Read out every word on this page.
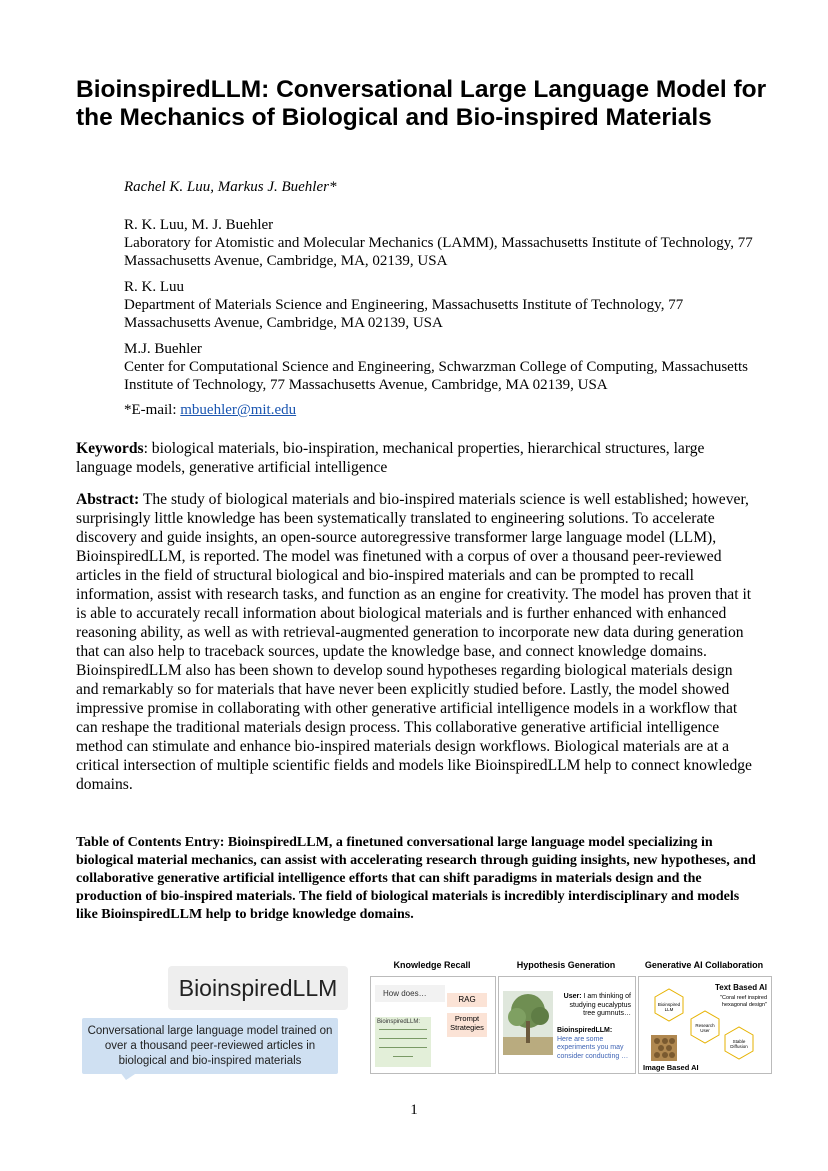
BioinspiredLLM: Conversational Large Language Model for the Mechanics of Biological and Bio-inspired Materials
Rachel K. Luu, Markus J. Buehler*
R. K. Luu, M. J. Buehler
Laboratory for Atomistic and Molecular Mechanics (LAMM), Massachusetts Institute of Technology, 77 Massachusetts Avenue, Cambridge, MA, 02139, USA
R. K. Luu
Department of Materials Science and Engineering, Massachusetts Institute of Technology, 77 Massachusetts Avenue, Cambridge, MA 02139, USA
M.J. Buehler
Center for Computational Science and Engineering, Schwarzman College of Computing, Massachusetts Institute of Technology, 77 Massachusetts Avenue, Cambridge, MA 02139, USA
*E-mail: mbuehler@mit.edu

Keywords: biological materials, bio-inspiration, mechanical properties, hierarchical structures, large language models, generative artificial intelligence

Abstract: The study of biological materials and bio-inspired materials science is well established; however, surprisingly little knowledge has been systematically translated to engineering solutions. To accelerate discovery and guide insights, an open-source autoregressive transformer large language model (LLM), BioinspiredLLM, is reported. The model was finetuned with a corpus of over a thousand peer-reviewed articles in the field of structural biological and bio-inspired materials and can be prompted to recall information, assist with research tasks, and function as an engine for creativity. The model has proven that it is able to accurately recall information about biological materials and is further enhanced with enhanced reasoning ability, as well as with retrieval-augmented generation to incorporate new data during generation that can also help to traceback sources, update the knowledge base, and connect knowledge domains. BioinspiredLLM also has been shown to develop sound hypotheses regarding biological materials design and remarkably so for materials that have never been explicitly studied before. Lastly, the model showed impressive promise in collaborating with other generative artificial intelligence models in a workflow that can reshape the traditional materials design process. This collaborative generative artificial intelligence method can stimulate and enhance bio-inspired materials design workflows. Biological materials are at a critical intersection of multiple scientific fields and models like BioinspiredLLM help to connect knowledge domains.

Table of Contents Entry: BioinspiredLLM, a finetuned conversational large language model specializing in biological material mechanics, can assist with accelerating research through guiding insights, new hypotheses, and collaborative generative artificial intelligence efforts that can shift paradigms in materials design and the production of bio-inspired materials. The field of biological materials is incredibly interdisciplinary and models like BioinspiredLLM help to bridge knowledge domains.

BioinspiredLLM
Conversational large language model trained on over a thousand peer-reviewed articles in biological and bio-inspired materials
Knowledge Recall
How does…
RAG
Prompt Strategies
BioinspiredLLM:
Hypothesis Generation
User: I am thinking of studying eucalyptus tree gumnuts…
BioinspiredLLM:
Here are some experiments you may consider conducting …
Generative AI Collaboration
Text Based AI
"Coral reef inspired hexagonal design"
Bioinspired LLM
Research User
Stable Diffusion
Image Based AI
1
